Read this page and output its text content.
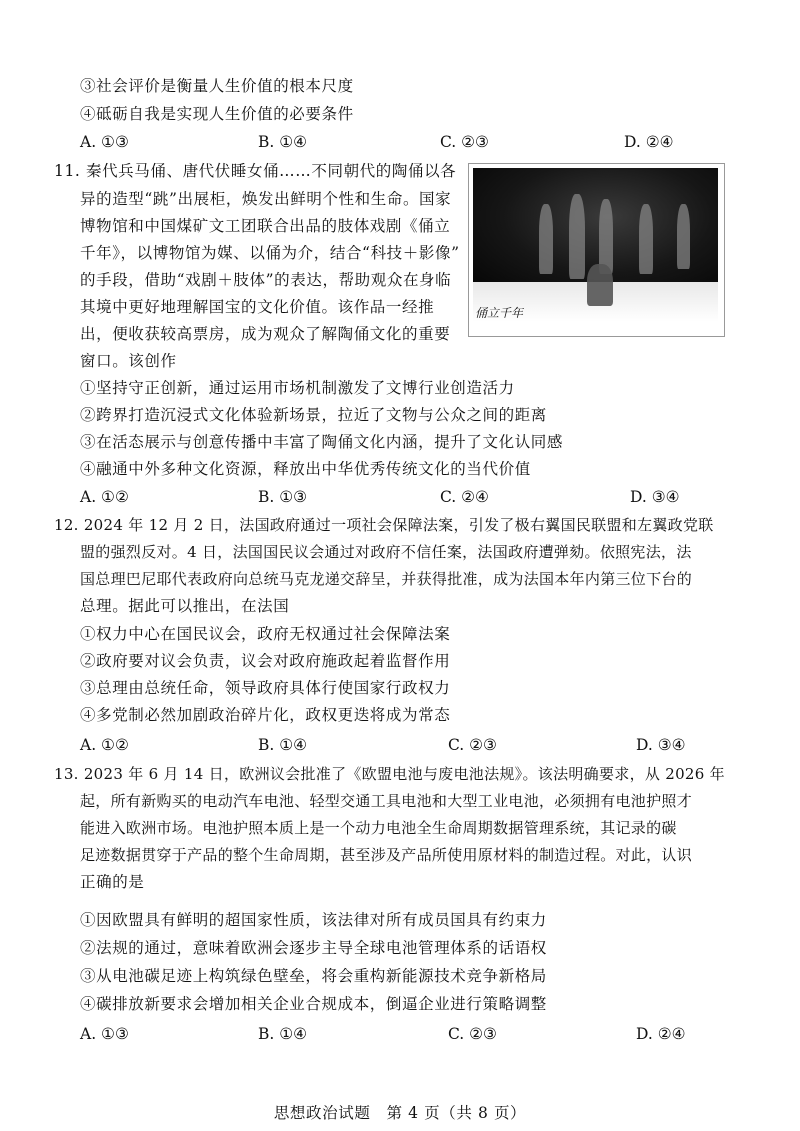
③社会评价是衡量人生价值的根本尺度
④砥砺自我是实现人生价值的必要条件
A. ①③	B. ①④	C. ②③	D. ②④
11. 秦代兵马俑、唐代伏睡女俑……不同朝代的陶俑以各
异的造型“跳”出展柜，焕发出鲜明个性和生命。国家
博物馆和中国煤矿文工团联合出品的肢体戏剧《俑立
千年》，以博物馆为媒、以俑为介，结合“科技＋影像”
的手段，借助“戏剧＋肢体”的表达，帮助观众在身临
其境中更好地理解国宝的文化价值。该作品一经推
出，便收获较高票房，成为观众了解陶俑文化的重要
窗口。该创作
俑立千年
①坚持守正创新，通过运用市场机制激发了文博行业创造活力
②跨界打造沉浸式文化体验新场景，拉近了文物与公众之间的距离
③在活态展示与创意传播中丰富了陶俑文化内涵，提升了文化认同感
④融通中外多种文化资源，释放出中华优秀传统文化的当代价值
A. ①②	B. ①③	C. ②④	D. ③④
12. 2024 年 12 月 2 日，法国政府通过一项社会保障法案，引发了极右翼国民联盟和左翼政党联
盟的强烈反对。4 日，法国国民议会通过对政府不信任案，法国政府遭弹劾。依照宪法，法
国总理巴尼耶代表政府向总统马克龙递交辞呈，并获得批准，成为法国本年内第三位下台的
总理。据此可以推出，在法国
①权力中心在国民议会，政府无权通过社会保障法案
②政府要对议会负责，议会对政府施政起着监督作用
③总理由总统任命，领导政府具体行使国家行政权力
④多党制必然加剧政治碎片化，政权更迭将成为常态
A. ①②	B. ①④	C. ②③	D. ③④
13. 2023 年 6 月 14 日，欧洲议会批准了《欧盟电池与废电池法规》。该法明确要求，从 2026 年
起，所有新购买的电动汽车电池、轻型交通工具电池和大型工业电池，必须拥有电池护照才
能进入欧洲市场。电池护照本质上是一个动力电池全生命周期数据管理系统，其记录的碳
足迹数据贯穿于产品的整个生命周期，甚至涉及产品所使用原材料的制造过程。对此，认识
正确的是
①因欧盟具有鲜明的超国家性质，该法律对所有成员国具有约束力
②法规的通过，意味着欧洲会逐步主导全球电池管理体系的话语权
③从电池碳足迹上构筑绿色壁垒，将会重构新能源技术竞争新格局
④碳排放新要求会增加相关企业合规成本，倒逼企业进行策略调整
A. ①③	B. ①④	C. ②③	D. ②④
思想政治试题　第 4 页（共 8 页）
